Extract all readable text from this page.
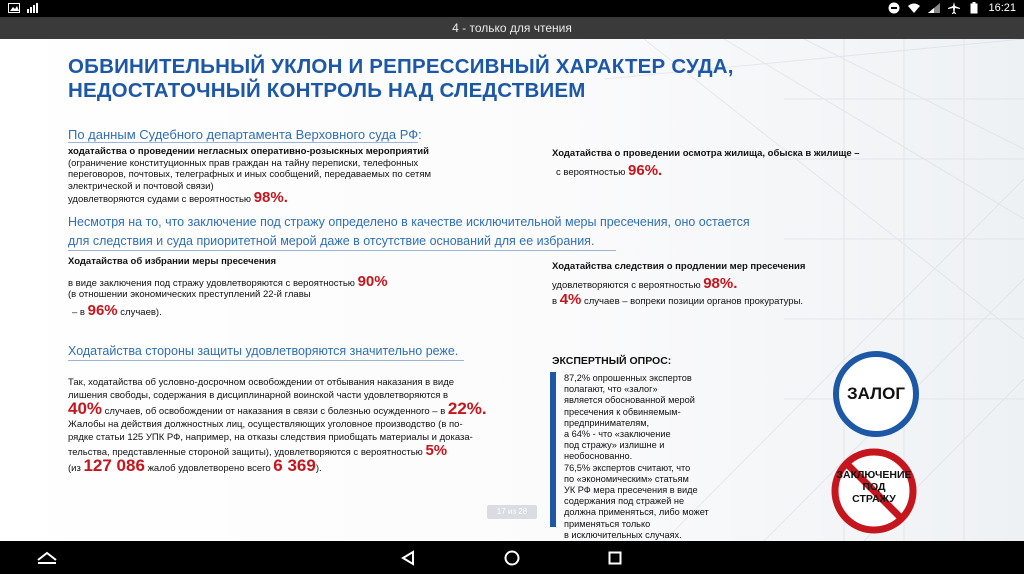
16:21
4 - только для чтения
ОБВИНИТЕЛЬНЫЙ УКЛОН И РЕПРЕССИВНЫЙ ХАРАКТЕР СУДА,
НЕДОСТАТОЧНЫЙ КОНТРОЛЬ НАД СЛЕДСТВИЕМ
По данным Судебного департамента Верховного суда РФ:
ходатайства о проведении негласных оперативно-розыскных мероприятий
(ограничение конституционных прав граждан на тайну переписки, телефонных
переговоров, почтовых, телеграфных и иных сообщений, передаваемых по сетям
электрической и почтовой связи)
удовлетворяются судами с вероятностью 98%.
Ходатайства о проведении осмотра жилища, обыска в жилище –
с вероятностью 96%.
Несмотря на то, что заключение под стражу определено в качестве исключительной меры пресечения, оно остается
для следствия и суда приоритетной мерой даже в отсутствие оснований для ее избрания.
Ходатайства об избрании меры пресечения
в виде заключения под стражу удовлетворяются с вероятностью 90%
(в отношении экономических преступлений 22-й главы
– в 96% случаев).
Ходатайства следствия о продлении мер пресечения
удовлетворяются с вероятностью 98%.
в 4% случаев – вопреки позиции органов прокуратуры.
Ходатайства стороны защиты удовлетворяются значительно реже.
Так, ходатайства об условно-досрочном освобождении от отбывания наказания в виде
лишения свободы, содержания в дисциплинарной воинской части удовлетворяются в
40% случаев, об освобождении от наказания в связи с болезнью осужденного – в 22%.
Жалобы на действия должностных лиц, осуществляющих уголовное производство (в по-
рядке статьи 125 УПК РФ, например, на отказы следствия приобщать материалы и доказа-
тельства, представленные стороной защиты), удовлетворяются с вероятностью 5%
(из 127 086 жалоб удовлетворено всего 6 369).
ЭКСПЕРТНЫЙ ОПРОС:
87,2% опрошенных экспертов
полагают, что «залог»
является обоснованной мерой
пресечения к обвиняемым-
предпринимателям,
а 64% - что «заключение
под стражу» излишне и
необоснованно.
76,5% экспертов считают, что
по «экономическим» статьям
УК РФ мера пресечения в виде
содержания под стражей не
должна применяться, либо может
применяться только
в исключительных случаях.
ЗАЛОГ
ЗАКЛЮЧЕНИЕ
ПОД
СТРАЖУ
17 из 28
